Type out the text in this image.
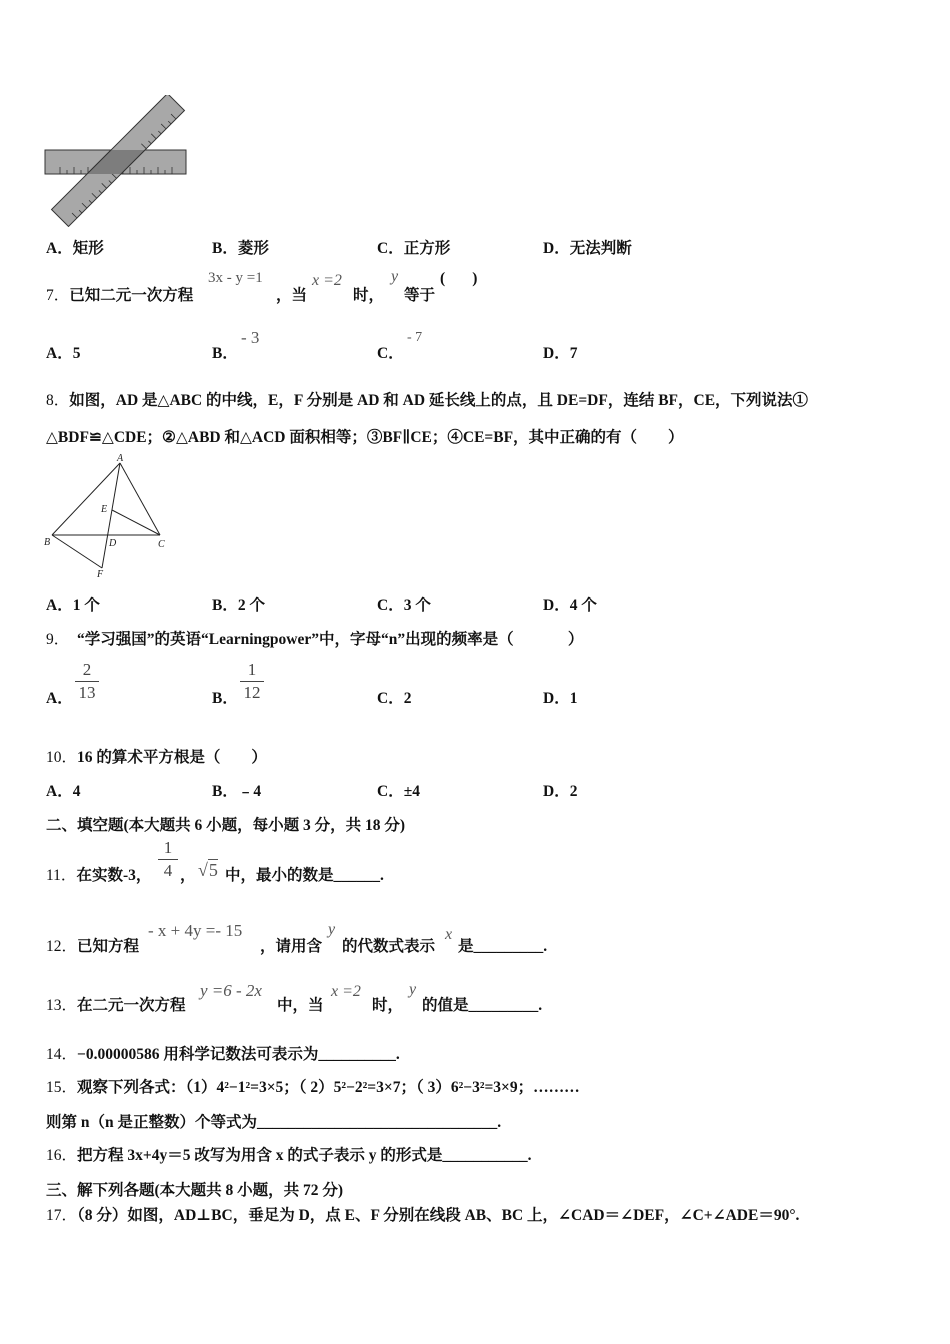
A．矩形	B．菱形	C．正方形	D．无法判断
7．已知二元一次方程
3x - y =1
，当
x =2
时，
y
等于
(       )
A．5	B．
- 3
C．
- 7
D．7
8．如图，AD 是△ABC 的中线，E，F 分别是 AD 和 AD 延长线上的点，且 DE=DF，连结 BF，CE，下列说法①
△BDF≌△CDE；②△ABD 和△ACD 面积相等；③BF∥CE；④CE=BF，其中正确的有（        ）
A
E
B	D	C
F
A．1 个	B．2 个	C．3 个	D．4 个
9． “学习强国”的英语“Learningpower”中，字母“n”出现的频率是（              ）
A．
2
13	B．
1
12	C．2	D．1
10．16 的算术平方根是（        ）
A．4	B．﹣4	C．±4	D．2
二、填空题(本大题共 6 小题，每小题 3 分，共 18 分)
11．在实数-3，
1
4 ， √5 中，最小的数是______.
12．已知方程
- x + 4y =- 15
，请用含
y
的代数式表示
x
是_________.
13．在二元一次方程
y =6 - 2x
中，当
x =2
时，
y
的值是_________.
14．−0.00000586 用科学记数法可表示为__________.
15．观察下列各式：（1）4²−1²=3×5；（ 2）5²−2²=3×7；（ 3）6²−3²=3×9；………
则第 n（n 是正整数）个等式为_______________________________.
16．把方程 3x+4y＝5 改写为用含 x 的式子表示 y 的形式是___________.
三、解下列各题(本大题共 8 小题，共 72 分)
17．（8 分）如图，AD⊥BC，垂足为 D，点 E、F 分别在线段 AB、BC 上，∠CAD＝∠DEF，∠C+∠ADE＝90°.
